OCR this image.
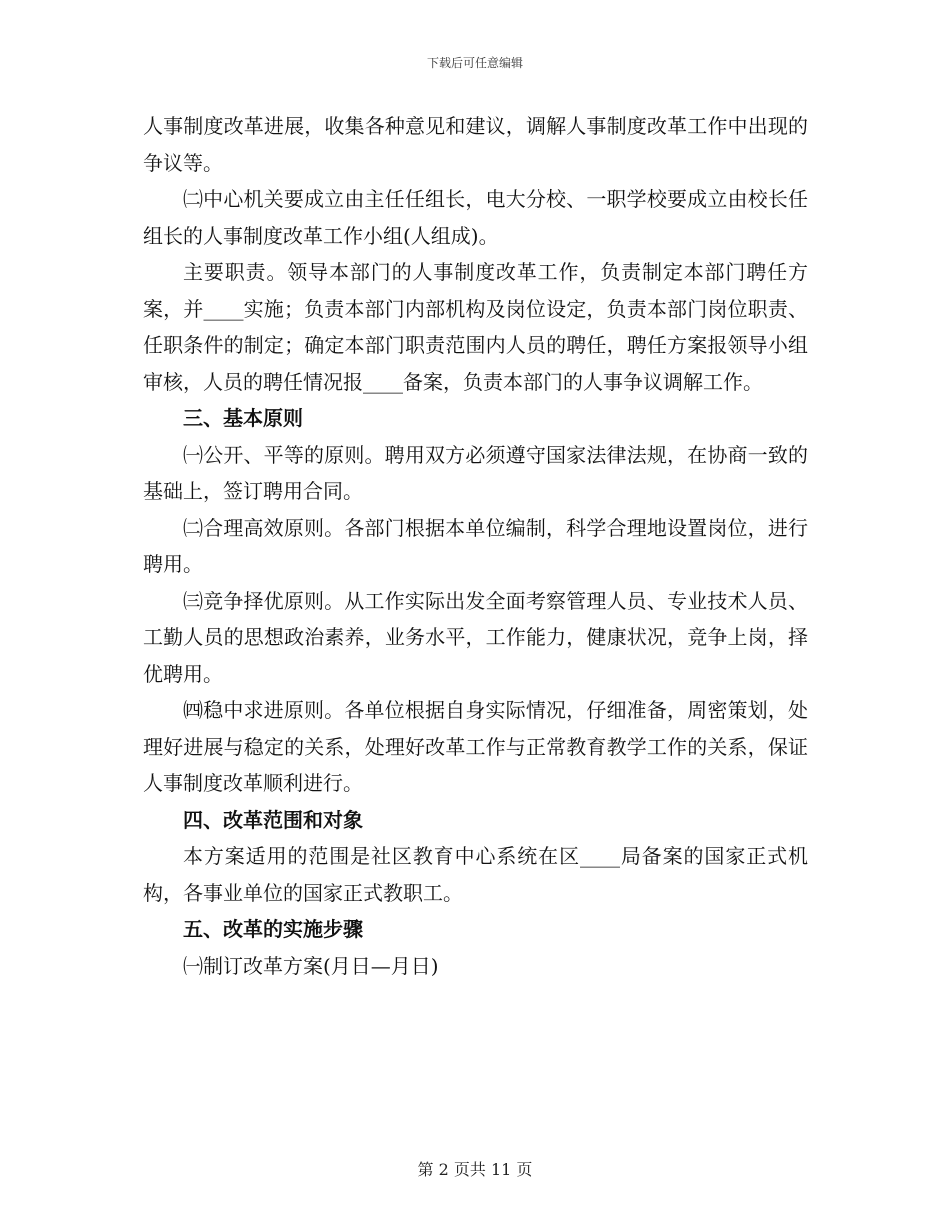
下载后可任意编辑

人事制度改革进展，收集各种意见和建议，调解人事制度改革工作中出现的争议等。

㈡中心机关要成立由主任任组长，电大分校、一职学校要成立由校长任组长的人事制度改革工作小组(人组成)。

主要职责。领导本部门的人事制度改革工作，负责制定本部门聘任方案，并____实施；负责本部门内部机构及岗位设定，负责本部门岗位职责、任职条件的制定；确定本部门职责范围内人员的聘任，聘任方案报领导小组审核，人员的聘任情况报____备案，负责本部门的人事争议调解工作。

三、基本原则

㈠公开、平等的原则。聘用双方必须遵守国家法律法规，在协商一致的基础上，签订聘用合同。

㈡合理高效原则。各部门根据本单位编制，科学合理地设置岗位，进行聘用。

㈢竞争择优原则。从工作实际出发全面考察管理人员、专业技术人员、工勤人员的思想政治素养，业务水平，工作能力，健康状况，竞争上岗，择优聘用。

㈣稳中求进原则。各单位根据自身实际情况，仔细准备，周密策划，处理好进展与稳定的关系，处理好改革工作与正常教育教学工作的关系，保证人事制度改革顺利进行。

四、改革范围和对象

本方案适用的范围是社区教育中心系统在区____局备案的国家正式机构，各事业单位的国家正式教职工。

五、改革的实施步骤

㈠制订改革方案(月日—月日)

第 2 页共 11 页
